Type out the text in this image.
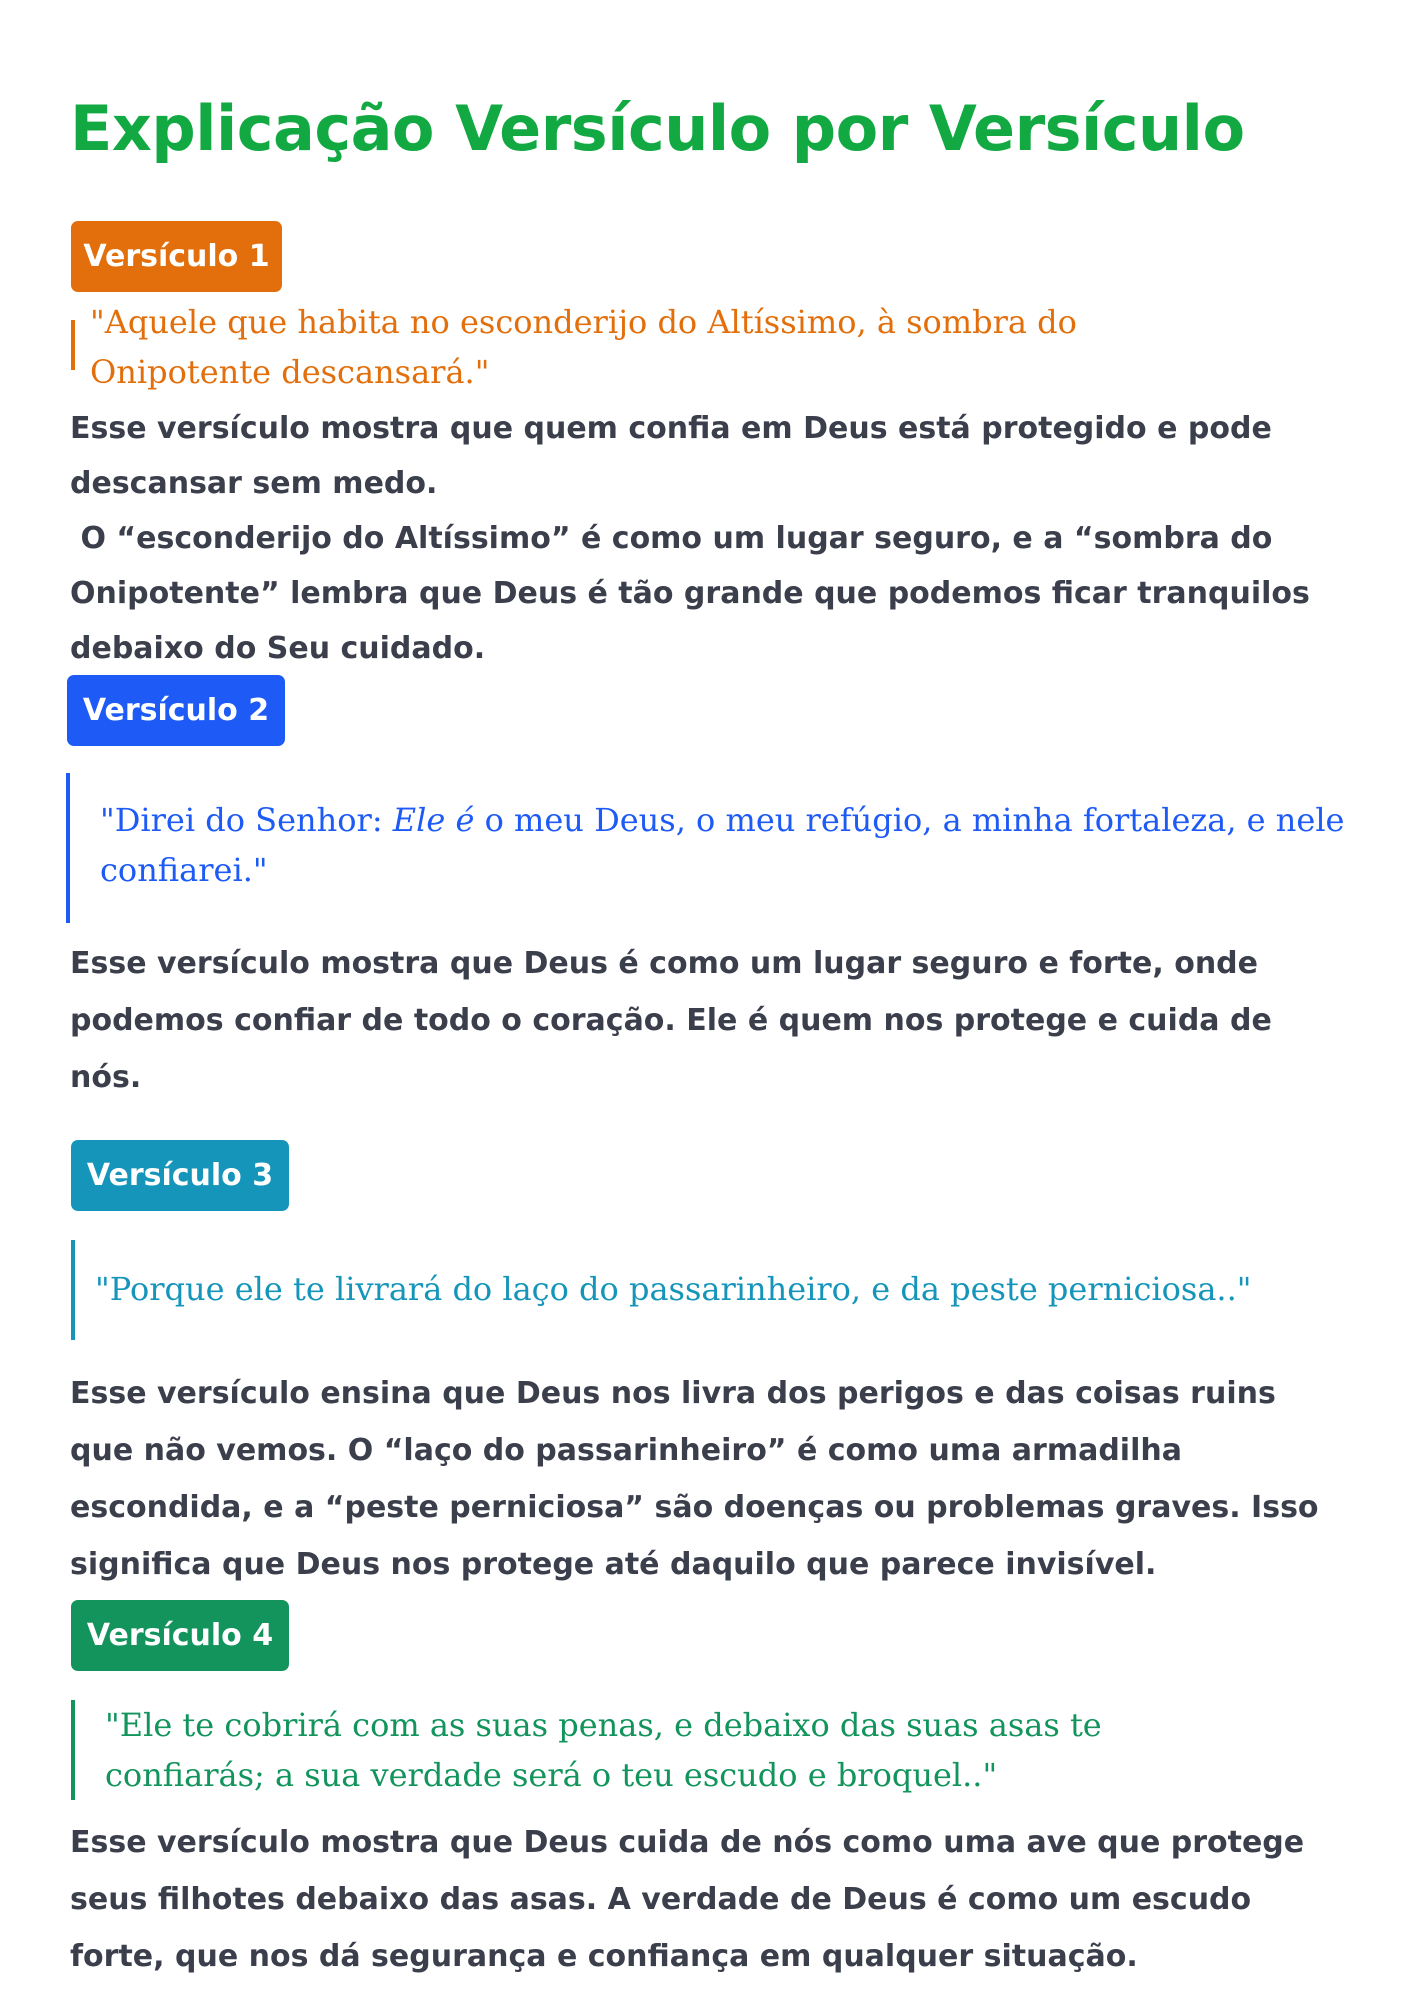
Explicação Versículo por Versículo
Versículo 1
"Aquele que habita no esconderijo do Altíssimo, à sombra do Onipotente descansará."
Esse versículo mostra que quem confia em Deus está protegido e pode descansar sem medo.
O “esconderijo do Altíssimo” é como um lugar seguro, e a “sombra do Onipotente” lembra que Deus é tão grande que podemos ficar tranquilos debaixo do Seu cuidado.
Versículo 2
"Direi do Senhor: Ele é o meu Deus, o meu refúgio, a minha fortaleza, e nele confiarei."

Esse versículo mostra que Deus é como um lugar seguro e forte, onde podemos confiar de todo o coração. Ele é quem nos protege e cuida de nós.

Versículo 3
"Porque ele te livrará do laço do passarinheiro, e da peste perniciosa.."

Esse versículo ensina que Deus nos livra dos perigos e das coisas ruins que não vemos. O “laço do passarinheiro” é como uma armadilha escondida, e a “peste perniciosa” são doenças ou problemas graves. Isso significa que Deus nos protege até daquilo que parece invisível.

Versículo 4
"Ele te cobrirá com as suas penas, e debaixo das suas asas te confiarás; a sua verdade será o teu escudo e broquel.."

Esse versículo mostra que Deus cuida de nós como uma ave que protege seus filhotes debaixo das asas. A verdade de Deus é como um escudo forte, que nos dá segurança e confiança em qualquer situação.
